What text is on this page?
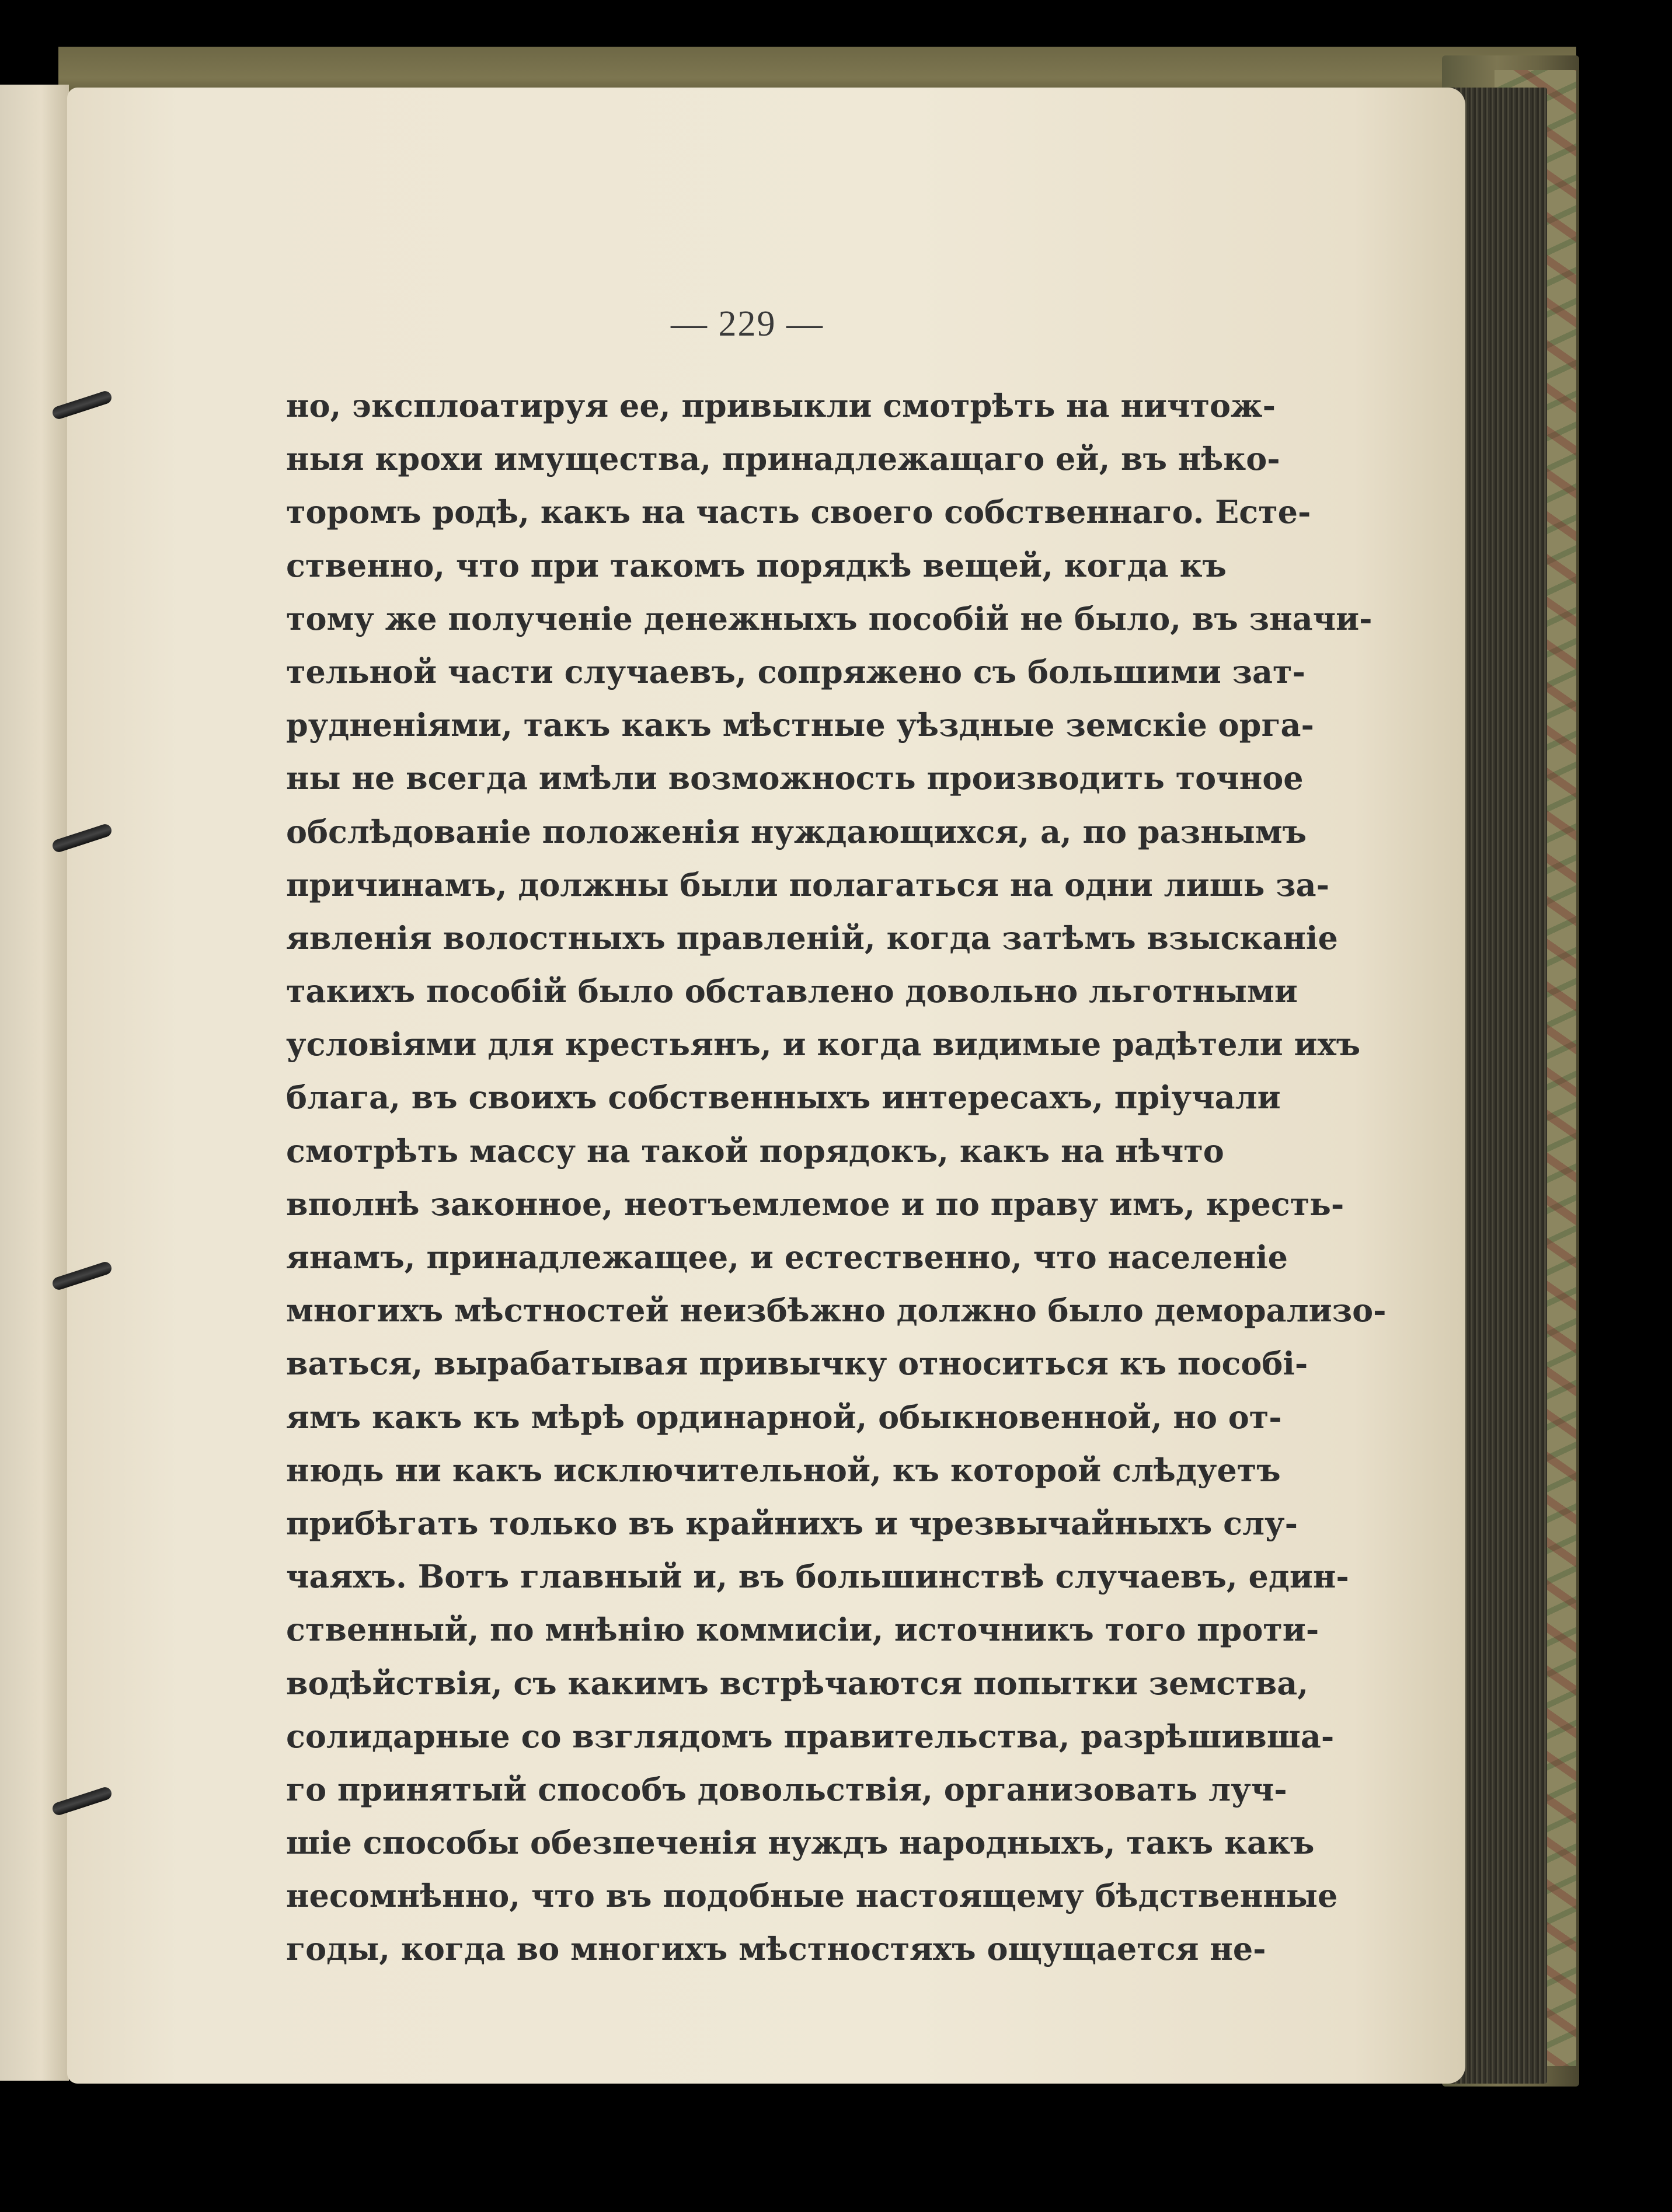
— 229 —
но, эксплоатируя ее, привыкли смотрѣть на ничтож-
ныя крохи имущества, принадлежащаго ей, въ нѣко-
торомъ родѣ, какъ на часть своего собственнаго. Есте-
ственно, что при такомъ порядкѣ вещей, когда къ
тому же полученіе денежныхъ пособій не было, въ значи-
тельной части случаевъ, сопряжено съ большими зат-
рудненіями, такъ какъ мѣстные уѣздные земскіе орга-
ны не всегда имѣли возможность производить точное
обслѣдованіе положенія нуждающихся, а, по разнымъ
причинамъ, должны были полагаться на одни лишь за-
явленія волостныхъ правленій, когда затѣмъ взысканіе
такихъ пособій было обставлено довольно льготными
условіями для крестьянъ, и когда видимые радѣтели ихъ
блага, въ своихъ собственныхъ интересахъ, пріучали
смотрѣть массу на такой порядокъ, какъ на нѣчто
вполнѣ законное, неотъемлемое и по праву имъ, кресть-
янамъ, принадлежащее, и естественно, что населеніе
многихъ мѣстностей неизбѣжно должно было деморализо-
ваться, вырабатывая привычку относиться къ пособі-
ямъ какъ къ мѣрѣ ординарной, обыкновенной, но от-
нюдь ни какъ исключительной, къ которой слѣдуетъ
прибѣгать только въ крайнихъ и чрезвычайныхъ слу-
чаяхъ. Вотъ главный и, въ большинствѣ случаевъ, един-
ственный, по мнѣнію коммисіи, источникъ того проти-
водѣйствія, съ какимъ встрѣчаются попытки земства,
солидарные со взглядомъ правительства, разрѣшивша-
го принятый способъ довольствія, организовать луч-
шіе способы обезпеченія нуждъ народныхъ, такъ какъ
несомнѣнно, что въ подобные настоящему бѣдственные
годы, когда во многихъ мѣстностяхъ ощущается не-
